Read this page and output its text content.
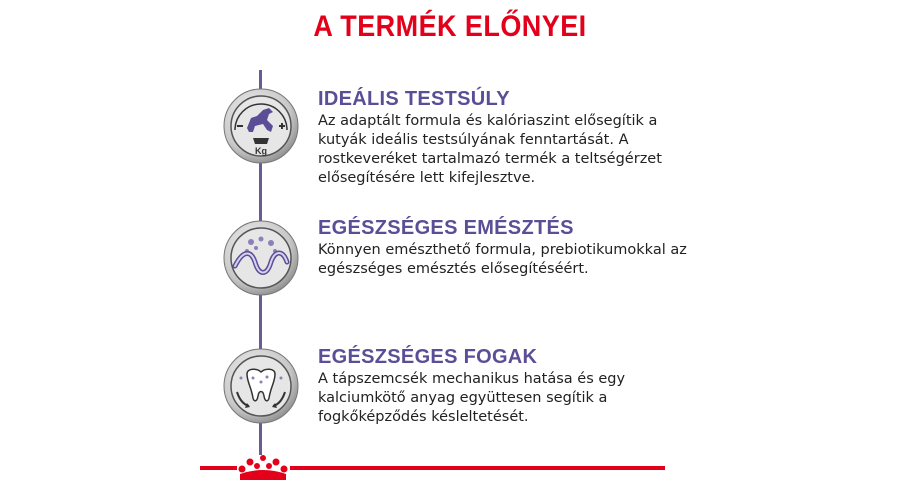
A TERMÉK ELŐNYEI
Kg
IDEÁLIS TESTSÚLY
Az adaptált formula és kalóriaszint elősegítik a kutyák ideális testsúlyának fenntartását. A rostkeveréket tartalmazó termék a teltségérzet elősegítésére lett kifejlesztve.
EGÉSZSÉGES EMÉSZTÉS
Könnyen emészthető formula, prebiotikumokkal az egészséges emésztés elősegítéséért.
EGÉSZSÉGES FOGAK
A tápszemcsék mechanikus hatása és egy kalciumkötő anyag együttesen segítik a fogkőképződés késleltetését.
